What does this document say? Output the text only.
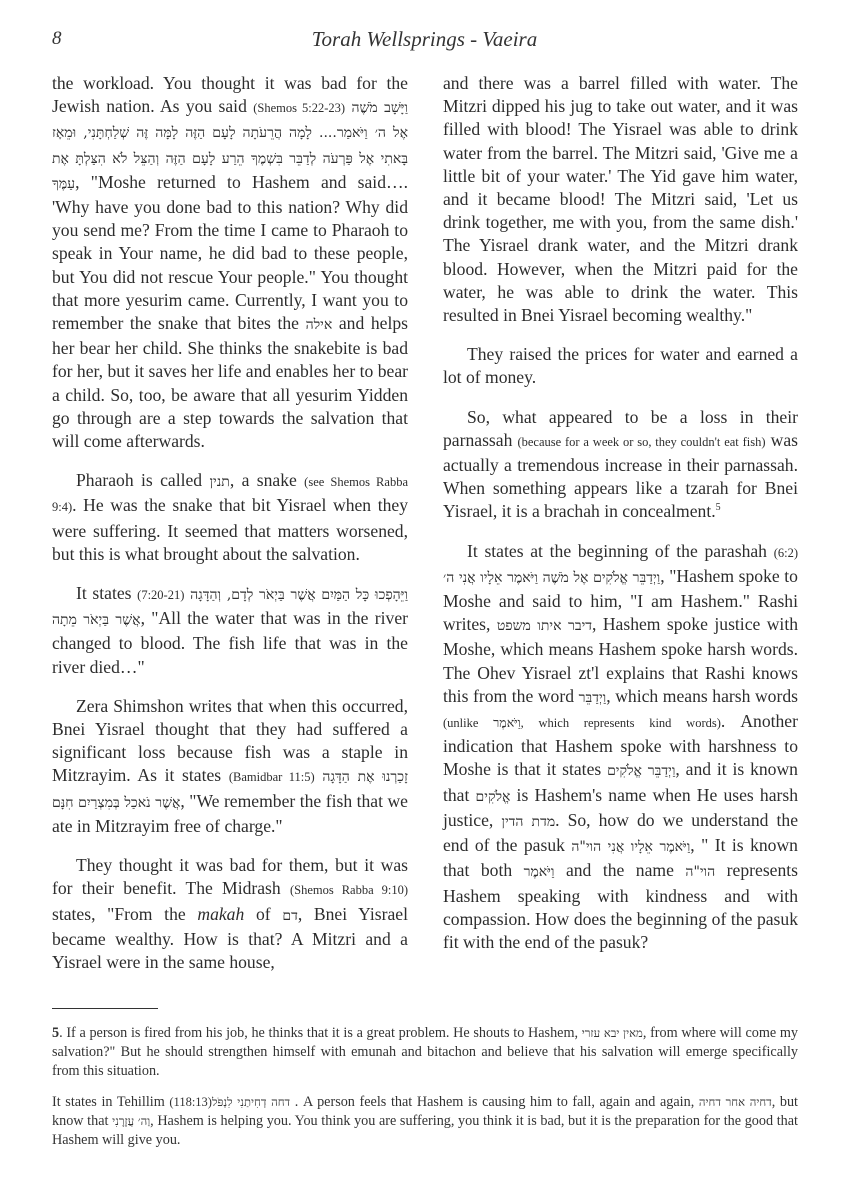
8	Torah Wellsprings - Vaeira

the workload. You thought it was bad for the Jewish nation. As you said (Shemos 5:22-23) וַיָּשָׁב מֹשֶׁה אֶל ה׳ וַיֹּאמַר.... לָמָה הֲרֵעֹתָה לָעָם הַזֶּה לָמָּה זֶּה שְׁלַחְתָּנִי, וּמֵאָז בָּאתִי אֶל פַּרְעֹה לְדַבֵּר בִּשְׁמֶךָ הֵרַע לָעָם הַזֶּה וְהַצֵּל לֹא הִצַּלְתָּ אֶת עַמֶּךָ, "Moshe returned to Hashem and said…. 'Why have you done bad to this nation? Why did you send me? From the time I came to Pharaoh to speak in Your name, he did bad to these people, but You did not rescue Your people." You thought that more yesurim came. Currently, I want you to remember the snake that bites the אילה and helps her bear her child. She thinks the snakebite is bad for her, but it saves her life and enables her to bear a child. So, too, be aware that all yesurim Yidden go through are a step towards the salvation that will come afterwards.

Pharaoh is called תנין, a snake (see Shemos Rabba 9:4). He was the snake that bit Yisrael when they were suffering. It seemed that matters worsened, but this is what brought about the salvation.

It states (7:20-21) וַיֵּהָפְכוּ כָּל הַמַּיִם אֲשֶׁר בַּיְאֹר לְדָם, וְהַדָּגָה אֲשֶׁר בַּיְאֹר מֵתָה, "All the water that was in the river changed to blood. The fish life that was in the river died…"

Zera Shimshon writes that when this occurred, Bnei Yisrael thought that they had suffered a significant loss because fish was a staple in Mitzrayim. As it states (Bamidbar 11:5) זָכַרְנוּ אֶת הַדָּגָה אֲשֶׁר נֹאכַל בְּמִצְרַיִם חִנָּם, "We remember the fish that we ate in Mitzrayim free of charge."

They thought it was bad for them, but it was for their benefit. The Midrash (Shemos Rabba 9:10) states, "From the makah of דם, Bnei Yisrael became wealthy. How is that? A Mitzri and a Yisrael were in the same house,

and there was a barrel filled with water. The Mitzri dipped his jug to take out water, and it was filled with blood! The Yisrael was able to drink water from the barrel. The Mitzri said, 'Give me a little bit of your water.' The Yid gave him water, and it became blood! The Mitzri said, 'Let us drink together, me with you, from the same dish.' The Yisrael drank water, and the Mitzri drank blood. However, when the Mitzri paid for the water, he was able to drink the water. This resulted in Bnei Yisrael becoming wealthy."

They raised the prices for water and earned a lot of money.

So, what appeared to be a loss in their parnassah (because for a week or so, they couldn't eat fish) was actually a tremendous increase in their parnassah. When something appears like a tzarah for Bnei Yisrael, it is a brachah in concealment.$^5$

It states at the beginning of the parashah (6:2) וַיְדַבֵּר אֱלֹקִים אֶל מֹשֶׁה וַיֹּאמֶר אֵלָיו אֲנִי ה׳, "Hashem spoke to Moshe and said to him, "I am Hashem." Rashi writes, דיבר איתו משפט, Hashem spoke justice with Moshe, which means Hashem spoke harsh words. The Ohev Yisrael zt'l explains that Rashi knows this from the word וַיְדַבֵּר, which means harsh words (unlike וַיֹּאמֶר, which represents kind words). Another indication that Hashem spoke with harshness to Moshe is that it states וַיְדַבֵּר אֱלֹקִים, and it is known that אֱלֹקִים is Hashem's name when He uses harsh justice, מדת הדין. So, how do we understand the end of the pasuk וַיֹּאמֶר אֵלָיו אֲנִי הוי"ה, " It is known that both וַיֹּאמֶר and the name הוי"ה represents Hashem speaking with kindness and with compassion. How does the beginning of the pasuk fit with the end of the pasuk?

5. If a person is fired from his job, he thinks that it is a great problem. He shouts to Hashem, מאין יבא עזרי, from where will come my salvation?" But he should strengthen himself with emunah and bitachon and believe that his salvation will emerge specifically from this situation.

It states in Tehillim (118:13) דחה דְחִיתַנִי לִנְפֹּל. A person feels that Hashem is causing him to fall, again and again, דחיה אחר דחיה, but know that וַה׳ עֲזָרָנִי, Hashem is helping you. You think you are suffering, you think it is bad, but it is the preparation for the good that Hashem will give you.
